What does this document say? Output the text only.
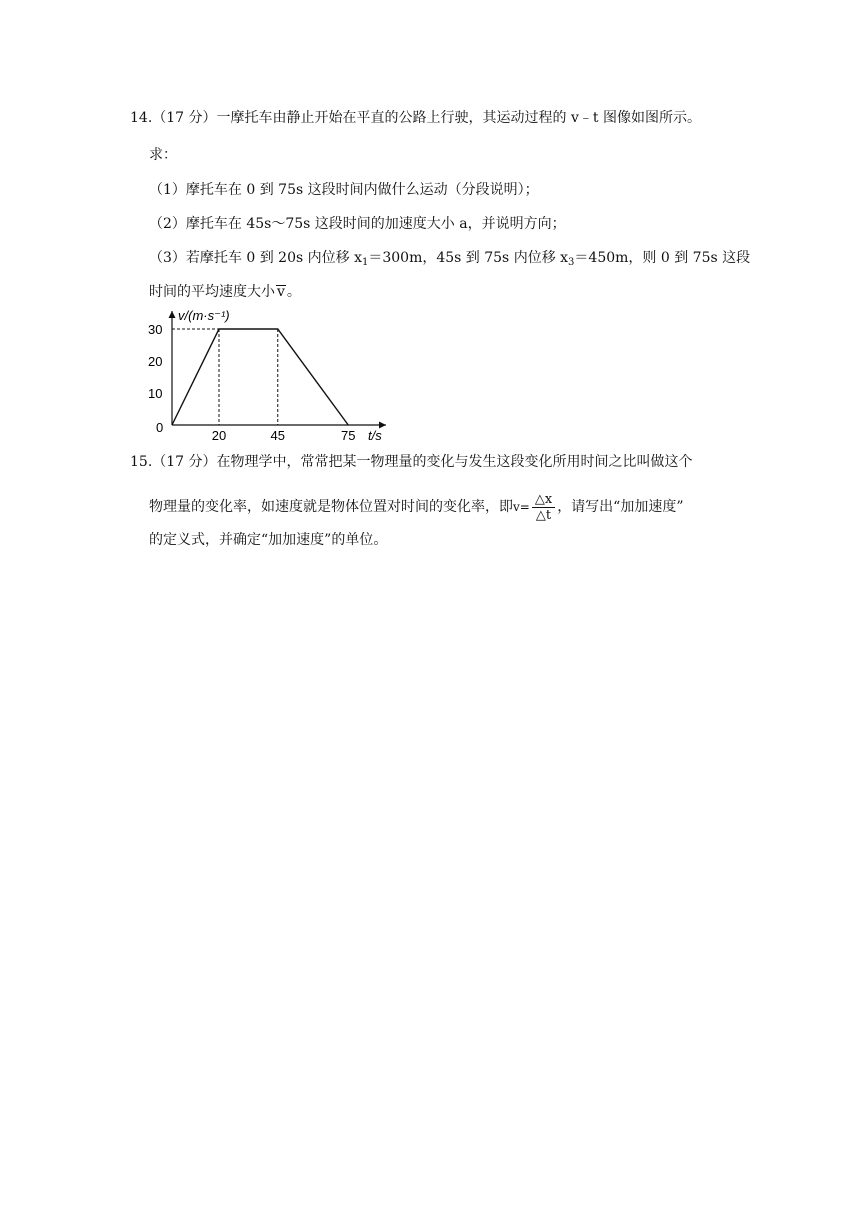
14.（17 分）一摩托车由静止开始在平直的公路上行驶，其运动过程的 v﹣t 图像如图所示。
求：
（1）摩托车在 0 到 75s 这段时间内做什么运动（分段说明）；
（2）摩托车在 45s～75s 这段时间的加速度大小 a，并说明方向；
（3）若摩托车 0 到 20s 内位移 $x_1=300m$，45s 到 75s 内位移 $x_3=450m$，则 0 到 75s 这段
时间的平均速度大小 v 。
v/(m·s⁻¹)
t/s
0
10
20
30
20	45	75
15.（17 分）在物理学中，常常把某一物理量的变化与发生这段变化所用时间之比叫做这个
物理量的变化率，如速度就是物体位置对时间的变化率，即$v= \frac{\triangle x}{\triangle t}$ ，请写出“加加速度”
的定义式，并确定“加加速度”的单位。
